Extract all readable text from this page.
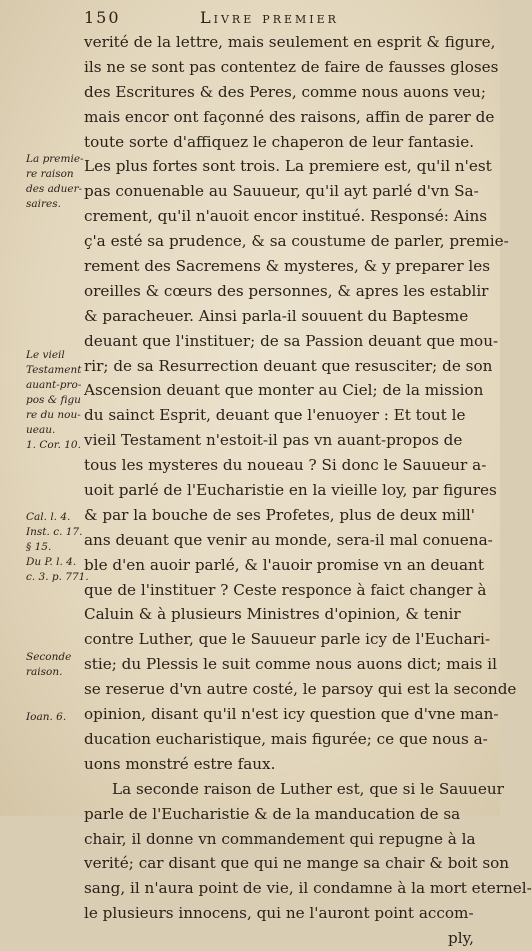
150	Livre premier
La premie-
re raison
des aduer-
saires.
Le vieil
Testament
auant-pro-
pos & figu
re du nou-
ueau.
1. Cor. 10.
Cal. l. 4.
Inst. c. 17.
§ 15.
Du P. l. 4.
c. 3. p. 771.
Seconde
raison.
Ioan. 6.
verité de la lettre, mais seulement en esprit & figure,
ils ne se sont pas contentez de faire de fausses gloses
des Escritures & des Peres, comme nous auons veu;
mais encor ont façonné des raisons, affin de parer de
toute sorte d'affiquez le chaperon de leur fantasie.
Les plus fortes sont trois. La premiere est, qu'il n'est
pas conuenable au Sauueur, qu'il ayt parlé d'vn Sa-
crement, qu'il n'auoit encor institué. Responsé: Ains
ç'a esté sa prudence, & sa coustume de parler, premie-
rement des Sacremens & mysteres, & y preparer les
oreilles & cœurs des personnes, & apres les establir
& paracheuer. Ainsi parla-il souuent du Baptesme
deuant que l'instituer; de sa Passion deuant que mou-
rir; de sa Resurrection deuant que resusciter; de son
Ascension deuant que monter au Ciel; de la mission
du sainct Esprit, deuant que l'enuoyer : Et tout le
vieil Testament n'estoit-il pas vn auant-propos de
tous les mysteres du noueau ? Si donc le Sauueur a-
uoit parlé de l'Eucharistie en la vieille loy, par figures
& par la bouche de ses Profetes, plus de deux mill'
ans deuant que venir au monde, sera-il mal conuena-
ble d'en auoir parlé, & l'auoir promise vn an deuant
que de l'instituer ? Ceste responce à faict changer à
Caluin & à plusieurs Ministres d'opinion, & tenir
contre Luther, que le Sauueur parle icy de l'Euchari-
stie; du Plessis le suit comme nous auons dict; mais il
se reserue d'vn autre costé, le parsoy qui est la seconde
opinion, disant qu'il n'est icy question que d'vne man-
ducation eucharistique, mais figurée; ce que nous a-
uons monstré estre faux.
La seconde raison de Luther est, que si le Sauueur
parle de l'Eucharistie & de la manducation de sa
chair, il donne vn commandement qui repugne à la
verité; car disant que qui ne mange sa chair & boit son
sang, il n'aura point de vie, il condamne à la mort eternel-
le plusieurs innocens, qui ne l'auront point accom-
ply,
